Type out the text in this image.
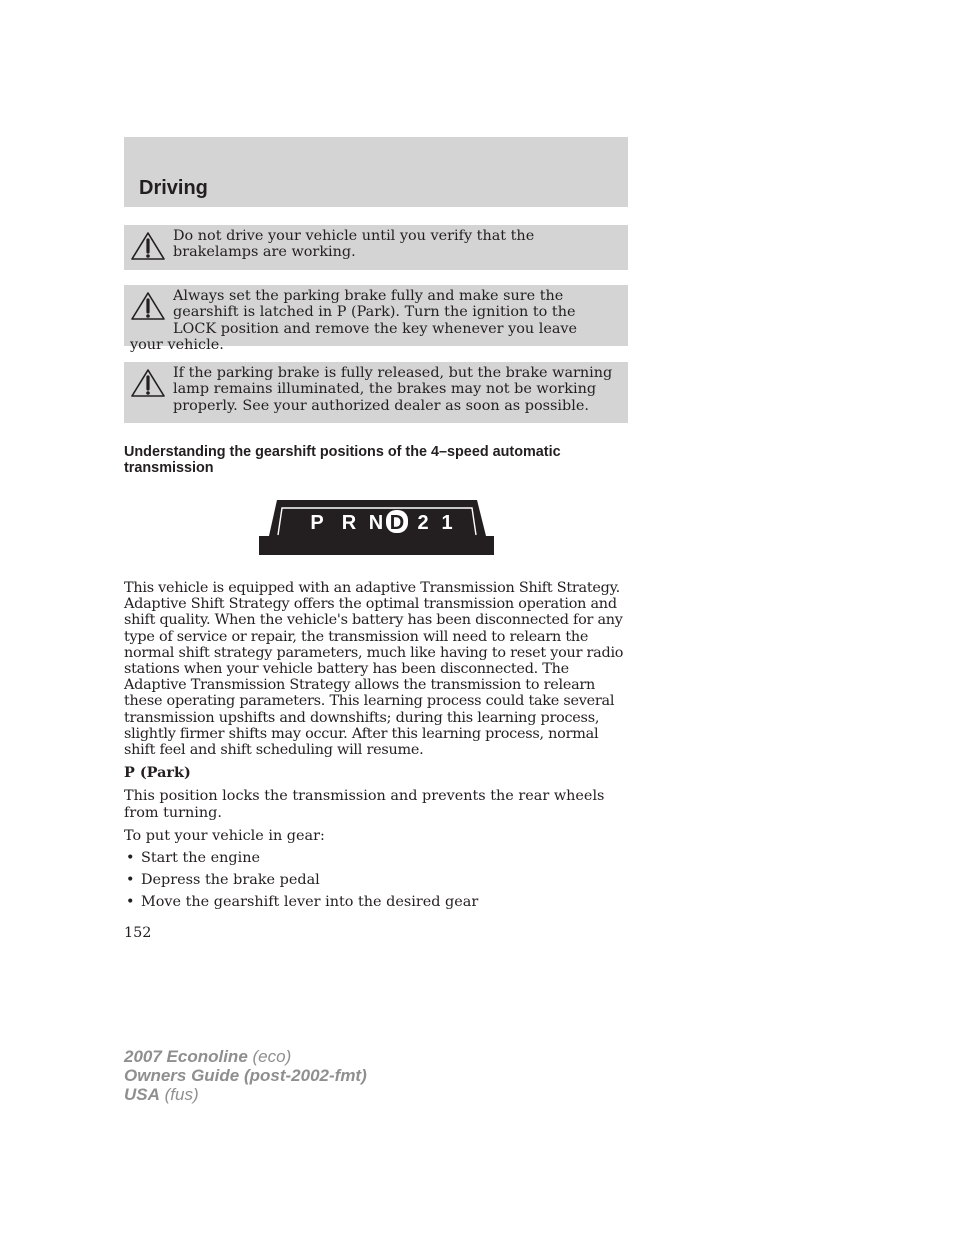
Driving
Do not drive your vehicle until you verify that the brakelamps are working.
Always set the parking brake fully and make sure the gearshift is latched in P (Park). Turn the ignition to the LOCK position and remove the key whenever you leave your vehicle.
If the parking brake is fully released, but the brake warning lamp remains illuminated, the brakes may not be working properly. See your authorized dealer as soon as possible.
Understanding the gearshift positions of the 4–speed automatic transmission
P R N D 2 1

This vehicle is equipped with an adaptive Transmission Shift Strategy. Adaptive Shift Strategy offers the optimal transmission operation and shift quality. When the vehicle's battery has been disconnected for any type of service or repair, the transmission will need to relearn the normal shift strategy parameters, much like having to reset your radio stations when your vehicle battery has been disconnected. The Adaptive Transmission Strategy allows the transmission to relearn these operating parameters. This learning process could take several transmission upshifts and downshifts; during this learning process, slightly firmer shifts may occur. After this learning process, normal shift feel and shift scheduling will resume.

P (Park)

This position locks the transmission and prevents the rear wheels from turning.

To put your vehicle in gear:

• Start the engine
• Depress the brake pedal
• Move the gearshift lever into the desired gear
152
2007 Econoline (eco)
Owners Guide (post-2002-fmt)
USA (fus)
